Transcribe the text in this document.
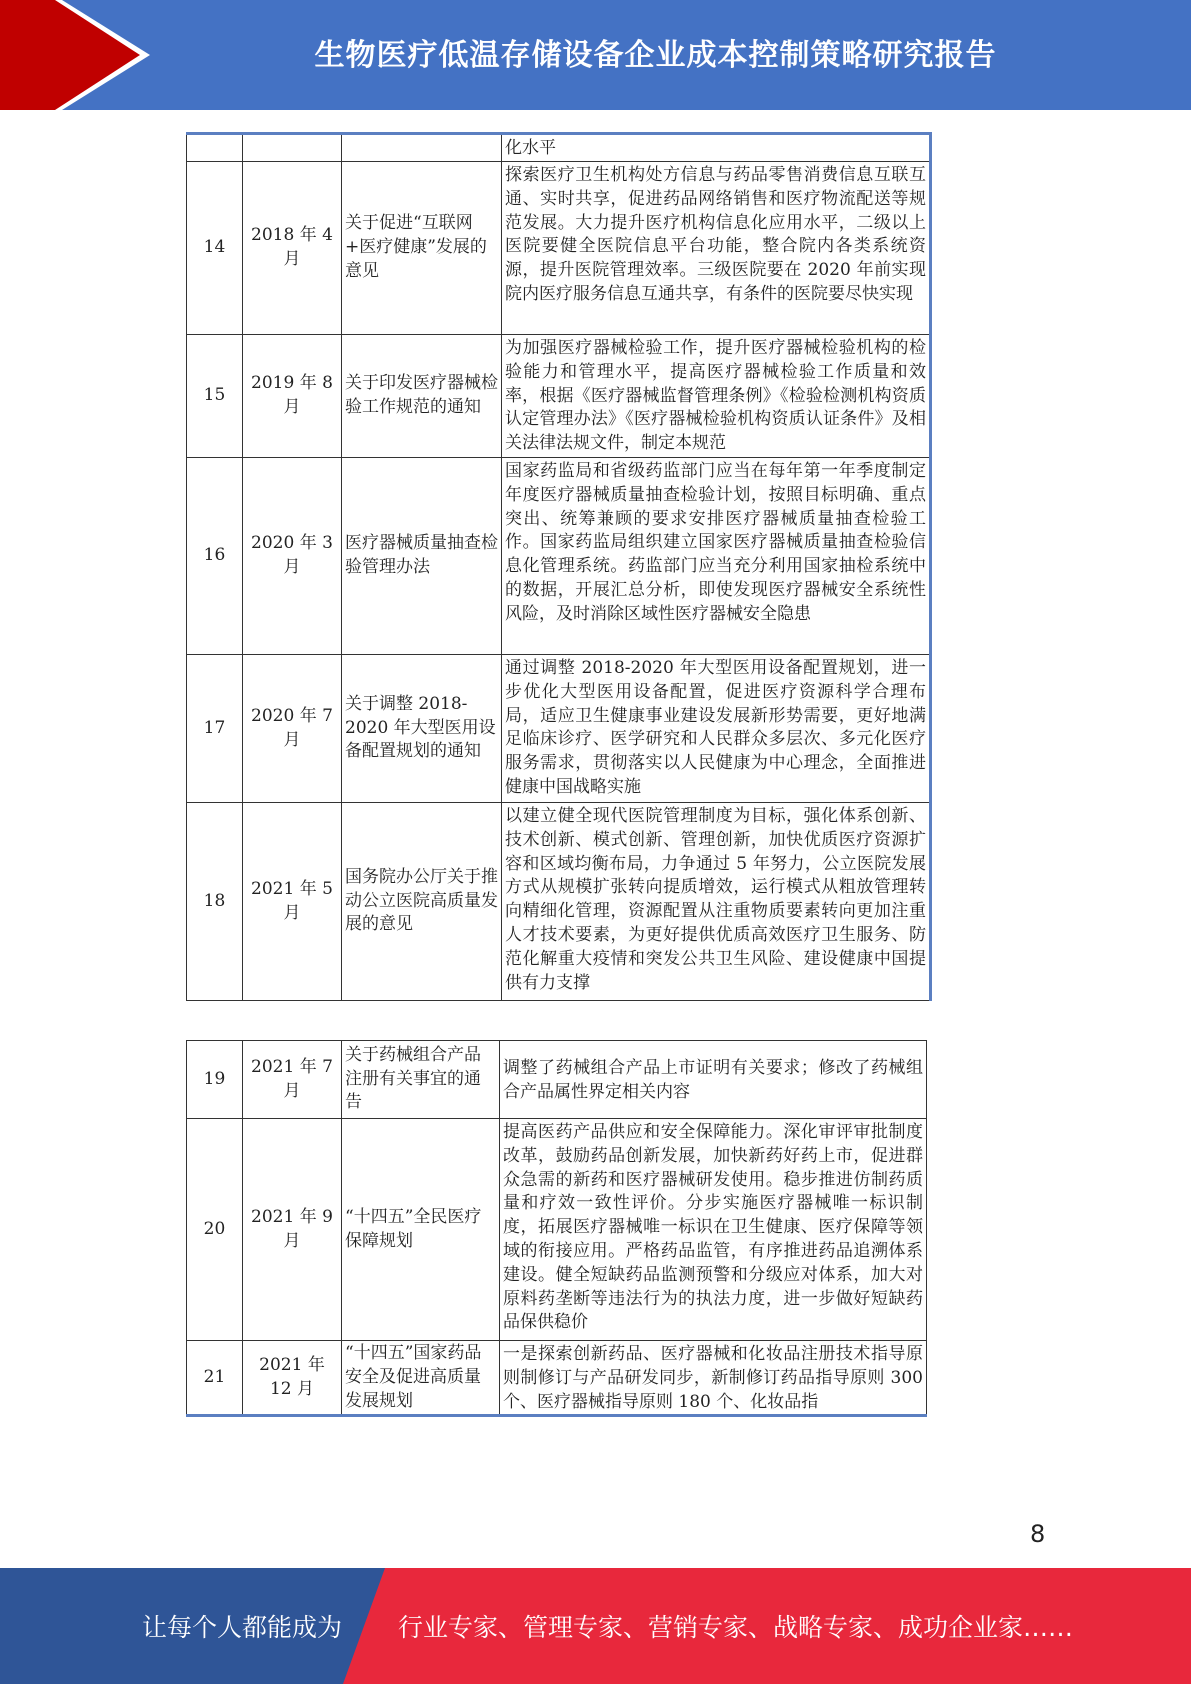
生物医疗低温存储设备企业成本控制策略研究报告
			化水平
14	2018 年 4 月	关于促进“互联网+医疗健康”发展的意见	探索医疗卫生机构处方信息与药品零售消费信息互联互通、实时共享，促进药品网络销售和医疗物流配送等规范发展。大力提升医疗机构信息化应用水平，二级以上医院要健全医院信息平台功能，整合院内各类系统资源，提升医院管理效率。三级医院要在 2020 年前实现院内医疗服务信息互通共享，有条件的医院要尽快实现
15	2019 年 8 月	关于印发医疗器械检验工作规范的通知	为加强医疗器械检验工作，提升医疗器械检验机构的检验能力和管理水平，提高医疗器械检验工作质量和效率，根据《医疗器械监督管理条例》《检验检测机构资质认定管理办法》《医疗器械检验机构资质认证条件》及相关法律法规文件，制定本规范
16	2020 年 3 月	医疗器械质量抽查检验管理办法	国家药监局和省级药监部门应当在每年第一年季度制定年度医疗器械质量抽查检验计划，按照目标明确、重点突出、统筹兼顾的要求安排医疗器械质量抽查检验工作。国家药监局组织建立国家医疗器械质量抽查检验信息化管理系统。药监部门应当充分利用国家抽检系统中的数据，开展汇总分析，即使发现医疗器械安全系统性风险，及时消除区域性医疗器械安全隐患
17	2020 年 7 月	关于调整 2018-2020 年大型医用设备配置规划的通知	通过调整 2018-2020 年大型医用设备配置规划，进一步优化大型医用设备配置，促进医疗资源科学合理布局，适应卫生健康事业建设发展新形势需要，更好地满足临床诊疗、医学研究和人民群众多层次、多元化医疗服务需求，贯彻落实以人民健康为中心理念，全面推进健康中国战略实施
18	2021 年 5 月	国务院办公厅关于推动公立医院高质量发展的意见	以建立健全现代医院管理制度为目标，强化体系创新、技术创新、模式创新、管理创新，加快优质医疗资源扩容和区域均衡布局，力争通过 5 年努力，公立医院发展方式从规模扩张转向提质增效，运行模式从粗放管理转向精细化管理，资源配置从注重物质要素转向更加注重人才技术要素，为更好提供优质高效医疗卫生服务、防范化解重大疫情和突发公共卫生风险、建设健康中国提供有力支撑
19	2021 年 7 月	关于药械组合产品注册有关事宜的通告	调整了药械组合产品上市证明有关要求；修改了药械组合产品属性界定相关内容
20	2021 年 9 月	“十四五”全民医疗保障规划	提高医药产品供应和安全保障能力。深化审评审批制度改革，鼓励药品创新发展，加快新药好药上市，促进群众急需的新药和医疗器械研发使用。稳步推进仿制药质量和疗效一致性评价。分步实施医疗器械唯一标识制度，拓展医疗器械唯一标识在卫生健康、医疗保障等领域的衔接应用。严格药品监管，有序推进药品追溯体系建设。健全短缺药品监测预警和分级应对体系，加大对原料药垄断等违法行为的执法力度，进一步做好短缺药品保供稳价
21	2021 年 12 月	“十四五”国家药品安全及促进高质量发展规划	一是探索创新药品、医疗器械和化妆品注册技术指导原则制修订与产品研发同步，新制修订药品指导原则 300 个、医疗器械指导原则 180 个、化妆品指
8
让每个人都能成为 行业专家、管理专家、营销专家、战略专家、成功企业家……
